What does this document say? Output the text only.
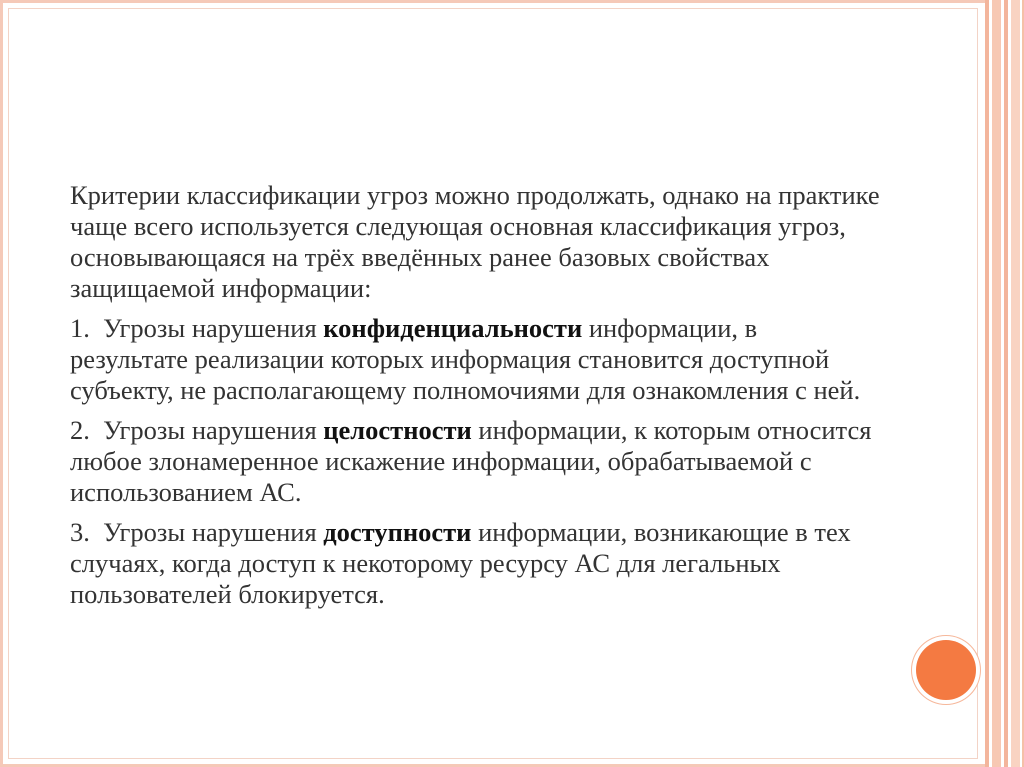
Критерии классификации угроз можно продолжать, однако на практике чаще всего используется следующая основная классификация угроз, основывающаяся на трёх введённых ранее базовых свойствах защищаемой информации:

1. Угрозы нарушения конфиденциальности информации, в результате реализации которых информация становится доступной субъекту, не располагающему полномочиями для ознакомления с ней.

2. Угрозы нарушения целостности информации, к которым относится любое злонамеренное искажение информации, обрабатываемой с использованием АС.

3. Угрозы нарушения доступности информации, возникающие в тех случаях, когда доступ к некоторому ресурсу АС для легальных пользователей блокируется.
